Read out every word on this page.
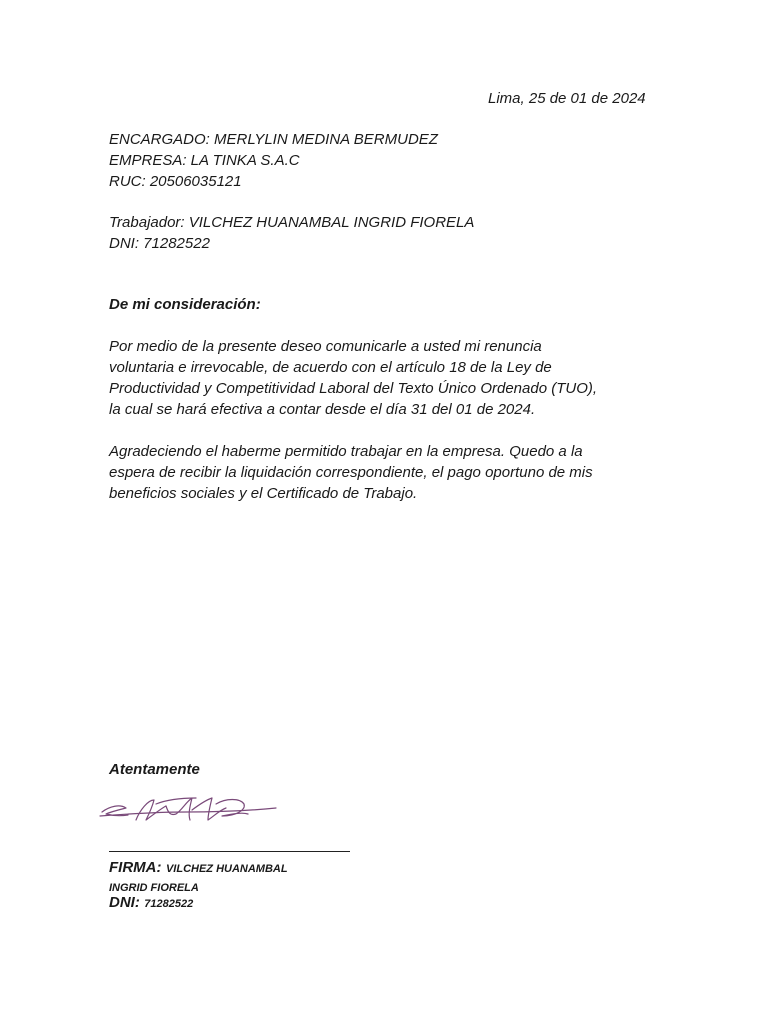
Lima, 25 de 01 de 2024

ENCARGADO: MERLYLIN MEDINA BERMUDEZ

EMPRESA: LA TINKA S.A.C

RUC: 20506035121

Trabajador: VILCHEZ HUANAMBAL INGRID FIORELA

DNI: 71282522

De mi consideración:

Por medio de la presente deseo comunicarle a usted mi renuncia

voluntaria e irrevocable, de acuerdo con el artículo 18 de la Ley de

Productividad y Competitividad Laboral del Texto Único Ordenado (TUO),

la cual se hará efectiva a contar desde el día 31 del 01 de 2024.

Agradeciendo el haberme permitido trabajar en la empresa. Quedo a la

espera de recibir la liquidación correspondiente, el pago oportuno de mis

beneficios sociales y el Certificado de Trabajo.

Atentamente

FIRMA: VILCHEZ HUANAMBAL

INGRID FIORELA

DNI: 71282522
